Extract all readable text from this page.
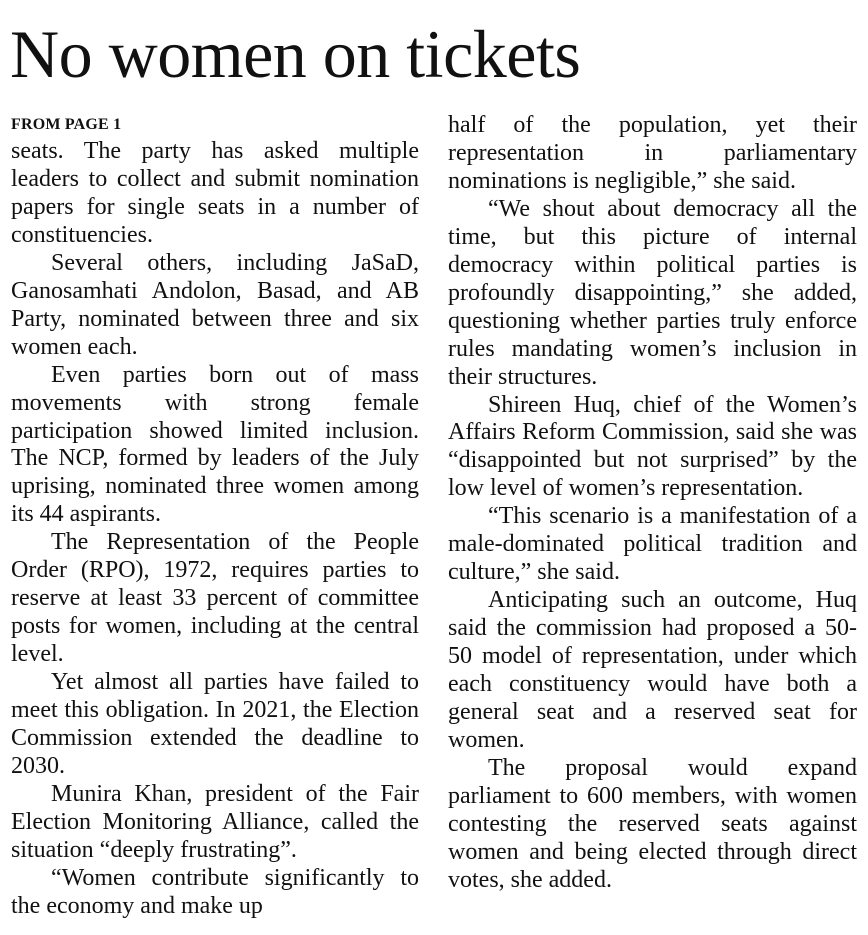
No women on tickets
FROM PAGE 1

seats. The party has asked multiple leaders to collect and submit nomination papers for single seats in a number of constituencies.

Several others, including JaSaD, Ganosamhati Andolon, Basad, and AB Party, nominated between three and six women each.

Even parties born out of mass movements with strong female participation showed limited inclusion. The NCP, formed by leaders of the July uprising, nominated three women among its 44 aspirants.

The Representation of the People Order (RPO), 1972, requires parties to reserve at least 33 percent of committee posts for women, including at the central level.

Yet almost all parties have failed to meet this obligation. In 2021, the Election Commission extended the deadline to 2030.

Munira Khan, president of the Fair Election Monitoring Alliance, called the situation “deeply frustrating”.

“Women contribute significantly to the economy and make up

half of the population, yet their representation in parliamentary nominations is negligible,” she said.

“We shout about democracy all the time, but this picture of internal democracy within political parties is profoundly disappointing,” she added, questioning whether parties truly enforce rules mandating women’s inclusion in their structures.

Shireen Huq, chief of the Women’s Affairs Reform Commission, said she was “disappointed but not surprised” by the low level of women’s representation.

“This scenario is a manifestation of a male-dominated political tradition and culture,” she said.

Anticipating such an outcome, Huq said the commission had proposed a 50-50 model of representation, under which each constituency would have both a general seat and a reserved seat for women.

The proposal would expand parliament to 600 members, with women contesting the reserved seats against women and being elected through direct votes, she added.
